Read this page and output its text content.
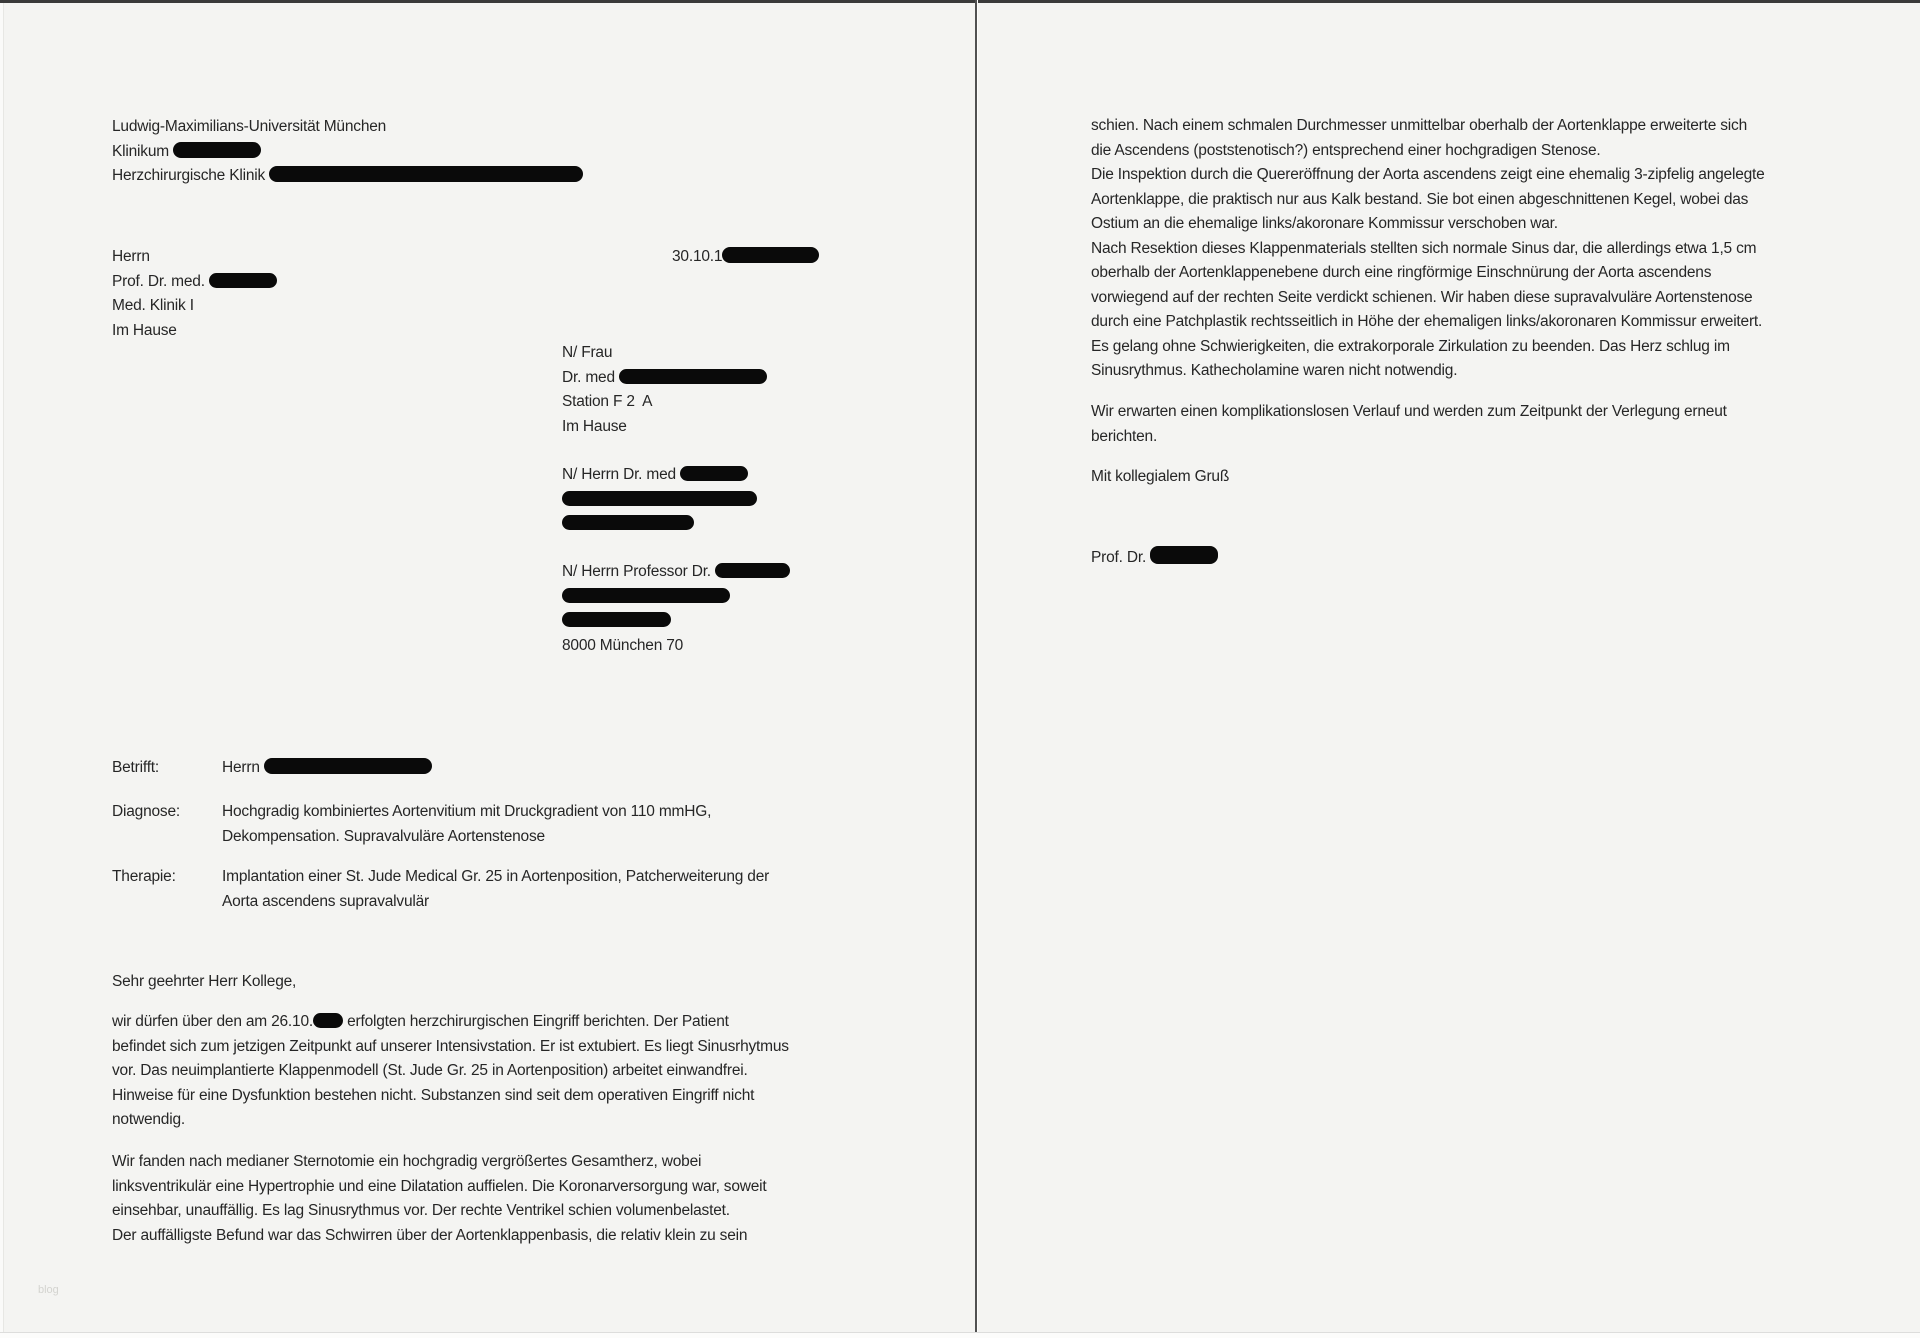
Ludwig-Maximilians-Universität München
Klinikum
Herzchirurgische Klinik
Herrn
Prof. Dr. med.
Med. Klinik I
Im Hause
30.10.1
N/ Frau
Dr. med
Station F 2  A
Im Hause
N/ Herrn Dr. med
N/ Herrn Professor Dr.
8000 München 70
Betrifft:	Herrn
Diagnose:	Hochgradig kombiniertes Aortenvitium mit Druckgradient von 110 mmHG,
Dekompensation. Supravalvuläre Aortenstenose
Therapie:	Implantation einer St. Jude Medical Gr. 25 in Aortenposition, Patcherweiterung der
Aorta ascendens supravalvulär
Sehr geehrter Herr Kollege,
wir dürfen über den am 26.10. erfolgten herzchirurgischen Eingriff berichten. Der Patient
befindet sich zum jetzigen Zeitpunkt auf unserer Intensivstation. Er ist extubiert. Es liegt Sinusrhytmus
vor. Das neuimplantierte Klappenmodell (St. Jude Gr. 25 in Aortenposition) arbeitet einwandfrei.
Hinweise für eine Dysfunktion bestehen nicht. Substanzen sind seit dem operativen Eingriff nicht
notwendig.
Wir fanden nach medianer Sternotomie ein hochgradig vergrößertes Gesamtherz, wobei
linksventrikulär eine Hypertrophie und eine Dilatation auffielen. Die Koronarversorgung war, soweit
einsehbar, unauffällig. Es lag Sinusrythmus vor. Der rechte Ventrikel schien volumenbelastet.
Der auffälligste Befund war das Schwirren über der Aortenklappenbasis, die relativ klein zu sein
schien. Nach einem schmalen Durchmesser unmittelbar oberhalb der Aortenklappe erweiterte sich
die Ascendens (poststenotisch?) entsprechend einer hochgradigen Stenose.
Die Inspektion durch die Quereröffnung der Aorta ascendens zeigt eine ehemalig 3-zipfelig angelegte
Aortenklappe, die praktisch nur aus Kalk bestand. Sie bot einen abgeschnittenen Kegel, wobei das
Ostium an die ehemalige links/akoronare Kommissur verschoben war.
Nach Resektion dieses Klappenmaterials stellten sich normale Sinus dar, die allerdings etwa 1,5 cm
oberhalb der Aortenklappenebene durch eine ringförmige Einschnürung der Aorta ascendens
vorwiegend auf der rechten Seite verdickt schienen. Wir haben diese supravalvuläre Aortenstenose
durch eine Patchplastik rechtsseitlich in Höhe der ehemaligen links/akoronaren Kommissur erweitert.
Es gelang ohne Schwierigkeiten, die extrakorporale Zirkulation zu beenden. Das Herz schlug im
Sinusrythmus. Kathecholamine waren nicht notwendig.
Wir erwarten einen komplikationslosen Verlauf und werden zum Zeitpunkt der Verlegung erneut
berichten.
Mit kollegialem Gruß
Prof. Dr.
blog
